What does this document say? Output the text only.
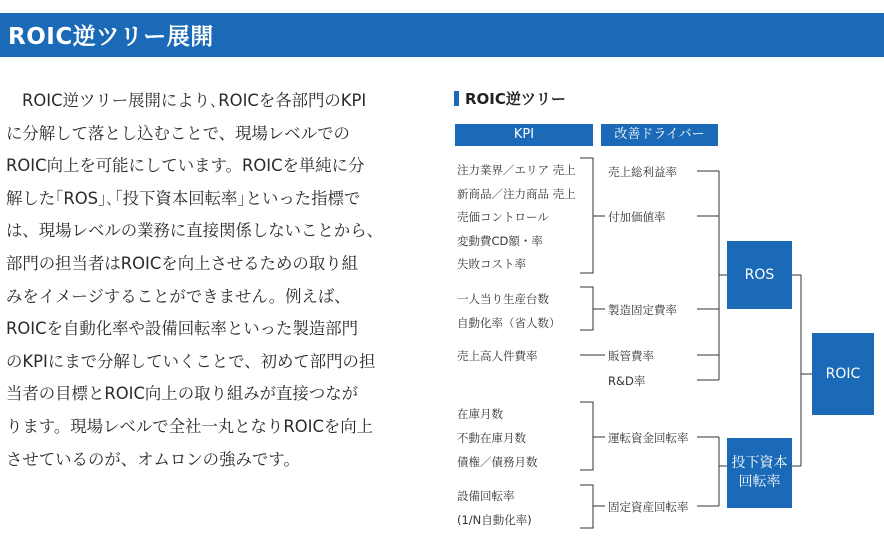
ROIC逆ツリー展開
ROIC逆ツリー展開により､ROICを各部門のKPI
に分解して落とし込むことで、現場レベルでの
ROIC向上を可能にしています。ROICを単純に分
解した｢ROS｣､｢投下資本回転率｣といった指標で
は、現場レベルの業務に直接関係しないことから、
部門の担当者はROICを向上させるための取り組
みをイメージすることができません。例えば、
ROICを自動化率や設備回転率といった製造部門
のKPIにまで分解していくことで、初めて部門の担
当者の目標とROIC向上の取り組みが直接つなが
ります。現場レベルで全社一丸となりROICを向上
させているのが、オムロンの強みです。
ROIC逆ツリー
KPI	改善ドライバー
注力業界／エリア 売上
新商品／注力商品 売上
売価コントロール
変動費CD額・率
失敗コスト率
一人当り生産台数
自動化率（省人数）
売上高人件費率
在庫月数
不動在庫月数
債権／債務月数
設備回転率
(1/N自動化率)
売上総利益率
付加価値率
製造固定費率
販管費率
R&D率
運転資金回転率
固定資産回転率
ROS
投下資本
回転率
ROIC
